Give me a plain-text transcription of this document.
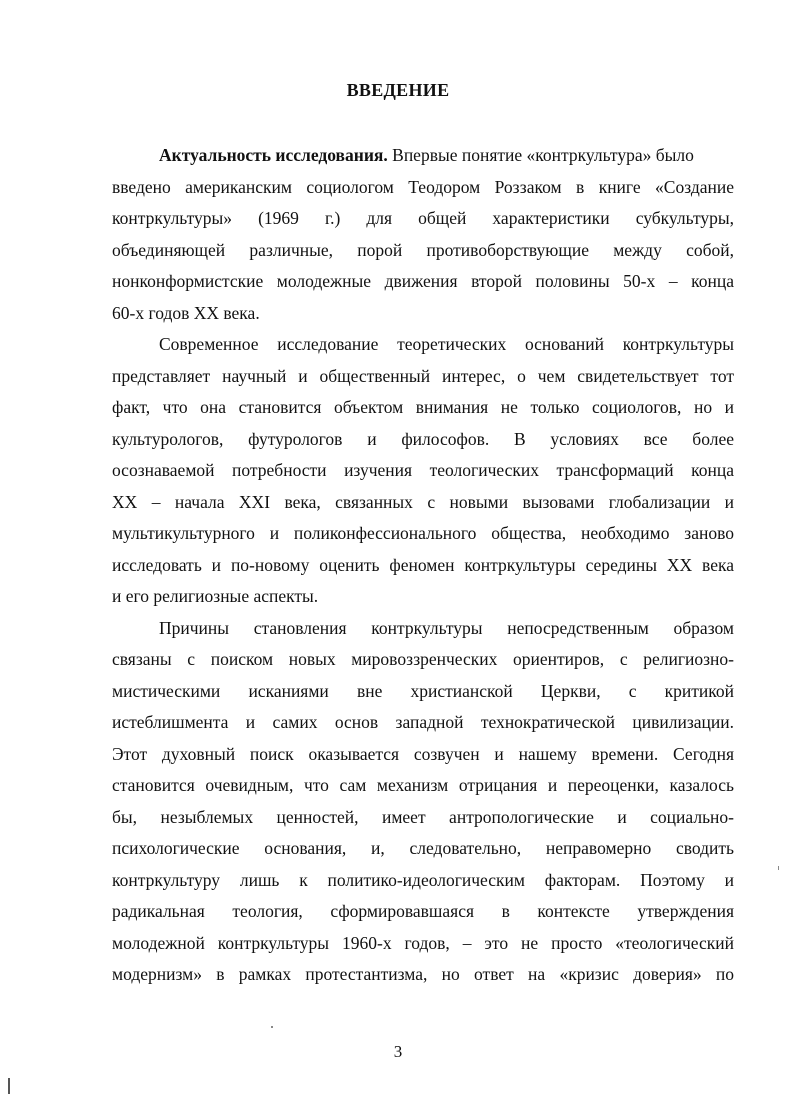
ВВЕДЕНИЕ
Актуальность исследования. Впервые понятие «контркультура» было
введено американским социологом Теодором Роззаком в книге «Создание
контркультуры» (1969 г.) для общей характеристики субкультуры,
объединяющей различные, порой противоборствующие между собой,
нонконформистские молодежные движения второй половины 50-х – конца
60-х годов XX века.
Современное исследование теоретических оснований контркультуры
представляет научный и общественный интерес, о чем свидетельствует тот
факт, что она становится объектом внимания не только социологов, но и
культурологов, футурологов и философов. В условиях все более
осознаваемой потребности изучения теологических трансформаций конца
XX – начала XXI века, связанных с новыми вызовами глобализации и
мультикультурного и поликонфессионального общества, необходимо заново
исследовать и по-новому оценить феномен контркультуры середины XX века
и его религиозные аспекты.
Причины становления контркультуры непосредственным образом
связаны с поиском новых мировоззренческих ориентиров, с религиозно-
мистическими исканиями вне христианской Церкви, с критикой
истеблишмента и самих основ западной технократической цивилизации.
Этот духовный поиск оказывается созвучен и нашему времени. Сегодня
становится очевидным, что сам механизм отрицания и переоценки, казалось
бы, незыблемых ценностей, имеет антропологические и социально-
психологические основания, и, следовательно, неправомерно сводить
контркультуру лишь к политико-идеологическим факторам. Поэтому и
радикальная теология, сформировавшаяся в контексте утверждения
молодежной контркультуры 1960-х годов, – это не просто «теологический
модернизм» в рамках протестантизма, но ответ на «кризис доверия» по
3
